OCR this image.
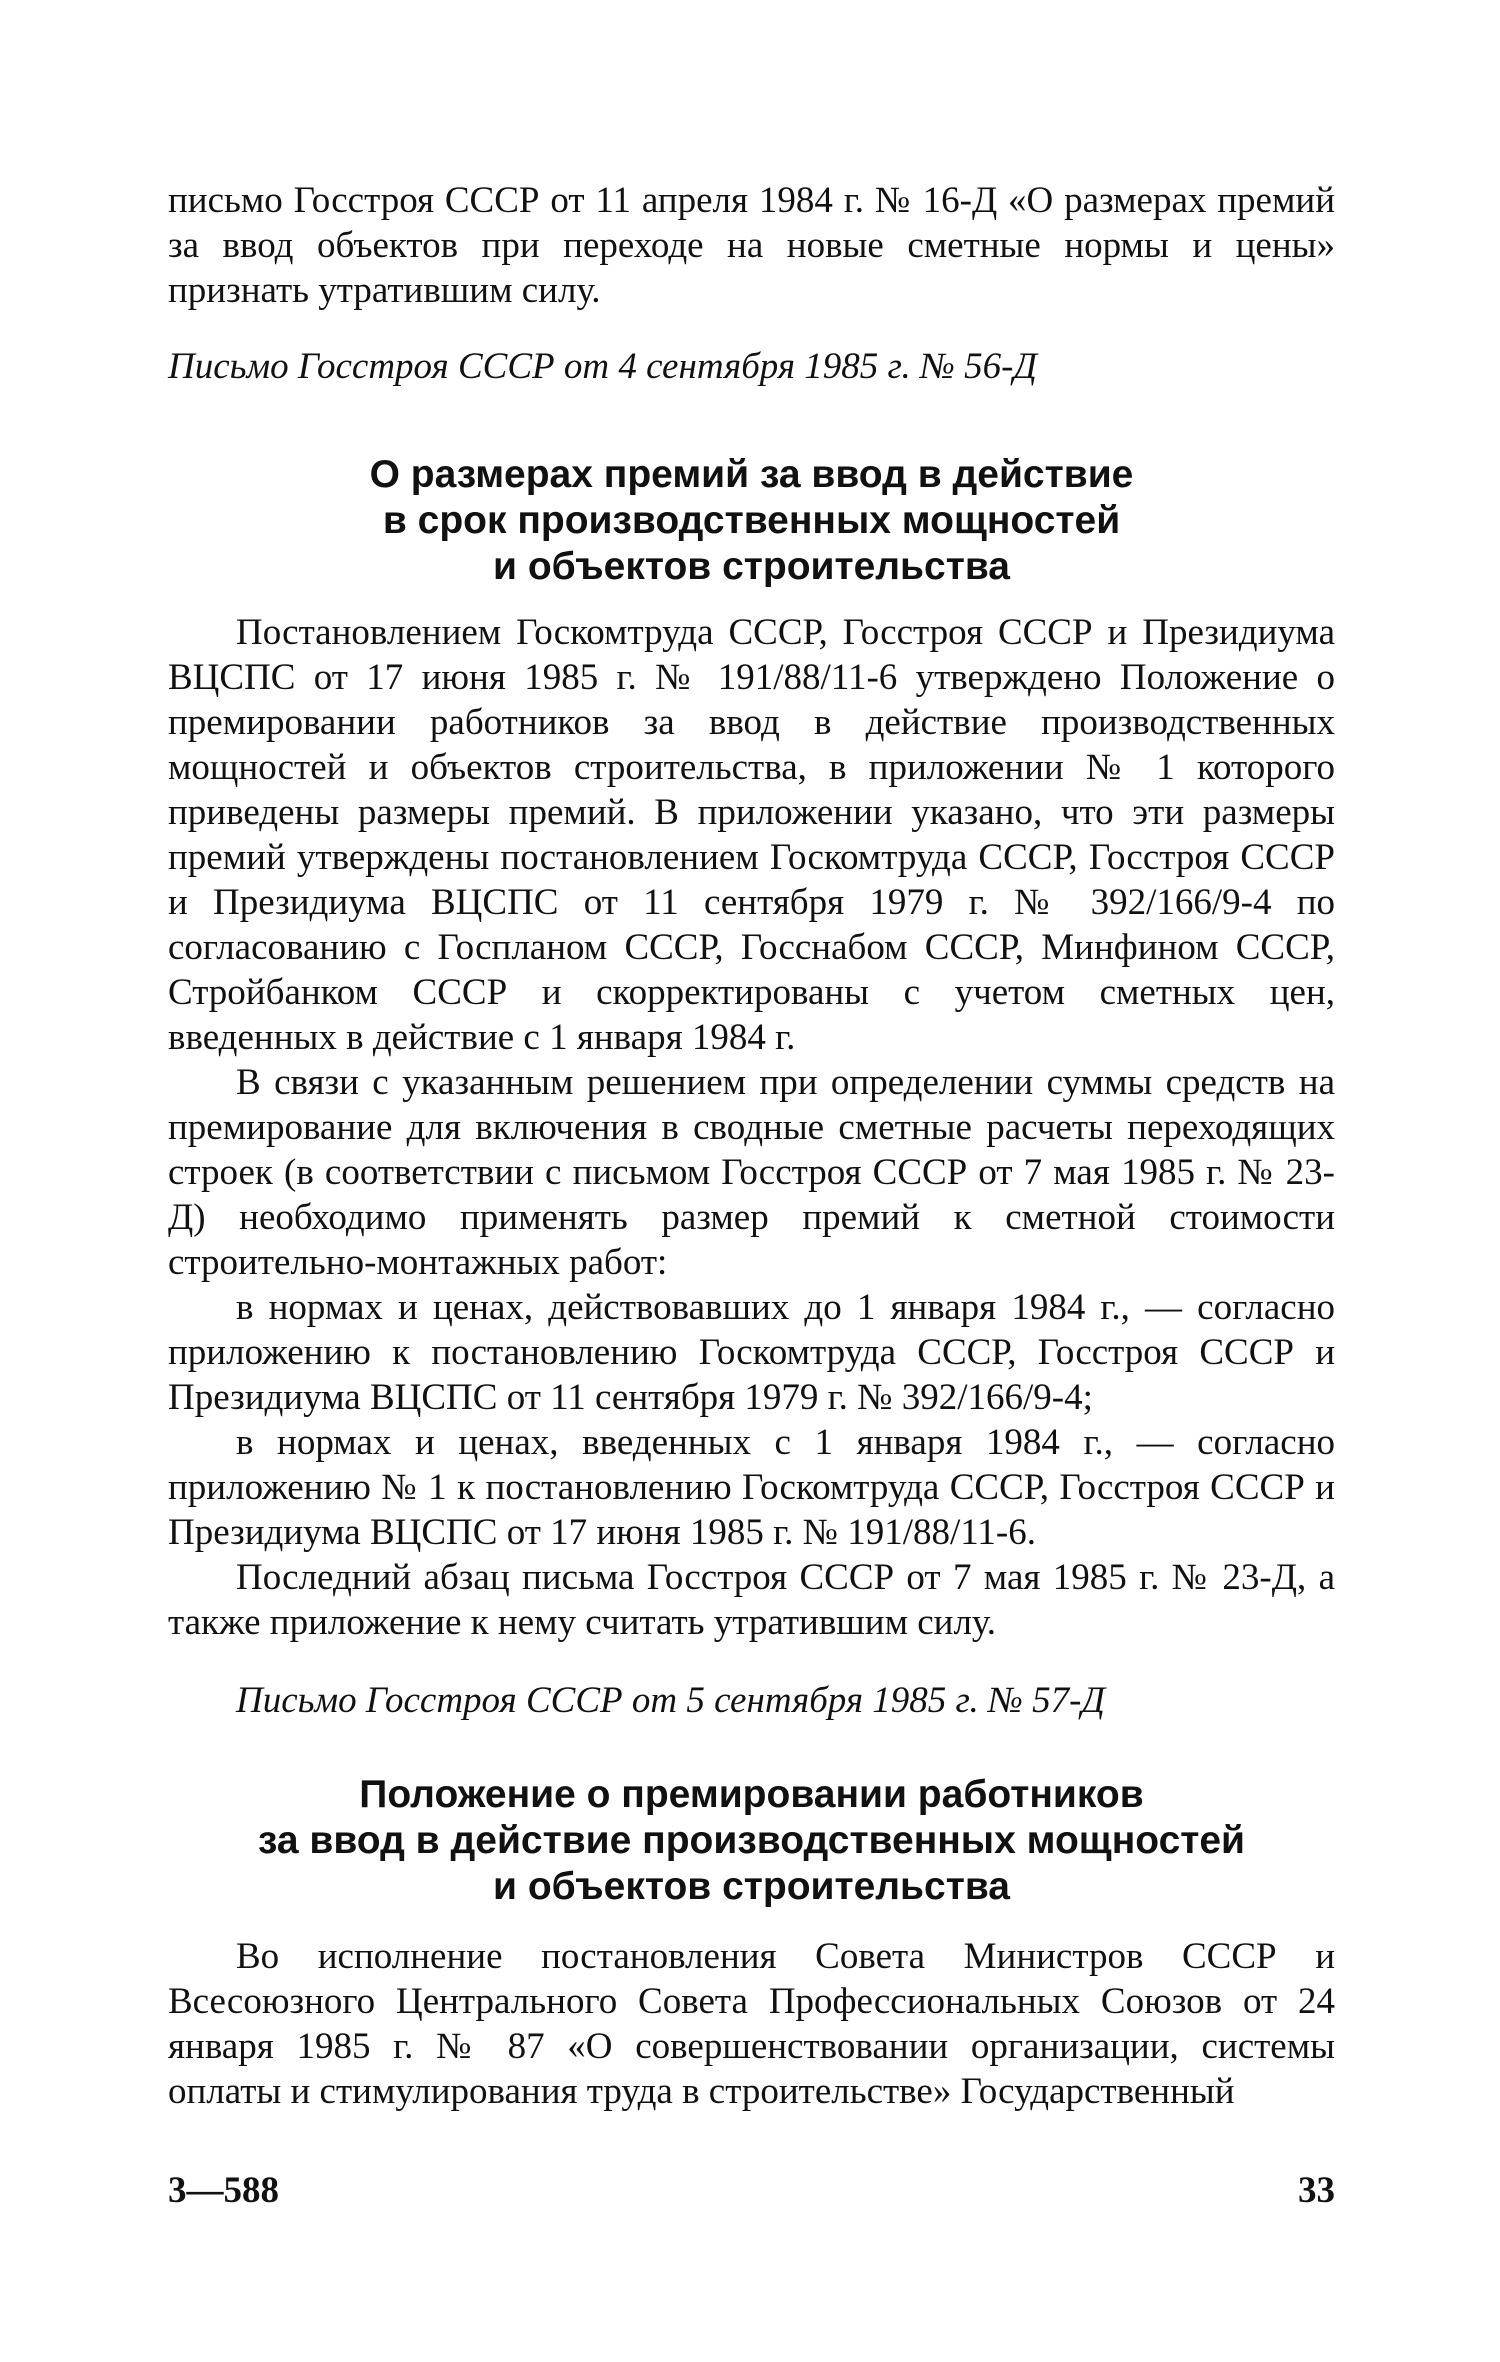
письмо Госстроя СССР от 11 апреля 1984 г. № 16-Д «О размерах премий за ввод объектов при переходе на новые сметные нормы и цены» признать утратившим силу.

Письмо Госстроя СССР от 4 сентября 1985 г. № 56-Д

О размерах премий за ввод в действие
в срок производственных мощностей
и объектов строительства

Постановлением Госкомтруда СССР, Госстроя СССР и Президиума ВЦСПС от 17 июня 1985 г. № 191/88/11-6 утверждено Положение о премировании работников за ввод в действие производственных мощностей и объектов строительства, в приложении № 1 которого приведены размеры премий. В приложении указано, что эти размеры премий утверждены постановлением Госкомтруда СССР, Госстроя СССР и Президиума ВЦСПС от 11 сентября 1979 г. № 392/166/9-4 по согласованию с Госпланом СССР, Госснабом СССР, Минфином СССР, Стройбанком СССР и скорректированы с учетом сметных цен, введенных в действие с 1 января 1984 г.

В связи с указанным решением при определении суммы средств на премирование для включения в сводные сметные расчеты переходящих строек (в соответствии с письмом Госстроя СССР от 7 мая 1985 г. № 23-Д) необходимо применять размер премий к сметной стоимости строительно-монтажных работ:

в нормах и ценах, действовавших до 1 января 1984 г., — согласно приложению к постановлению Госкомтруда СССР, Госстроя СССР и Президиума ВЦСПС от 11 сентября 1979 г. № 392/166/9-4;

в нормах и ценах, введенных с 1 января 1984 г., — согласно приложению № 1 к постановлению Госкомтруда СССР, Госстроя СССР и Президиума ВЦСПС от 17 июня 1985 г. № 191/88/11-6.

Последний абзац письма Госстроя СССР от 7 мая 1985 г. № 23-Д, а также приложение к нему считать утратившим силу.

Письмо Госстроя СССР от 5 сентября 1985 г. № 57-Д

Положение о премировании работников
за ввод в действие производственных мощностей
и объектов строительства

Во исполнение постановления Совета Министров СССР и Всесоюзного Центрального Совета Профессиональных Союзов от 24 января 1985 г. № 87 «О совершенствовании организации, системы оплаты и стимулирования труда в строительстве» Государственный

3—588	33
